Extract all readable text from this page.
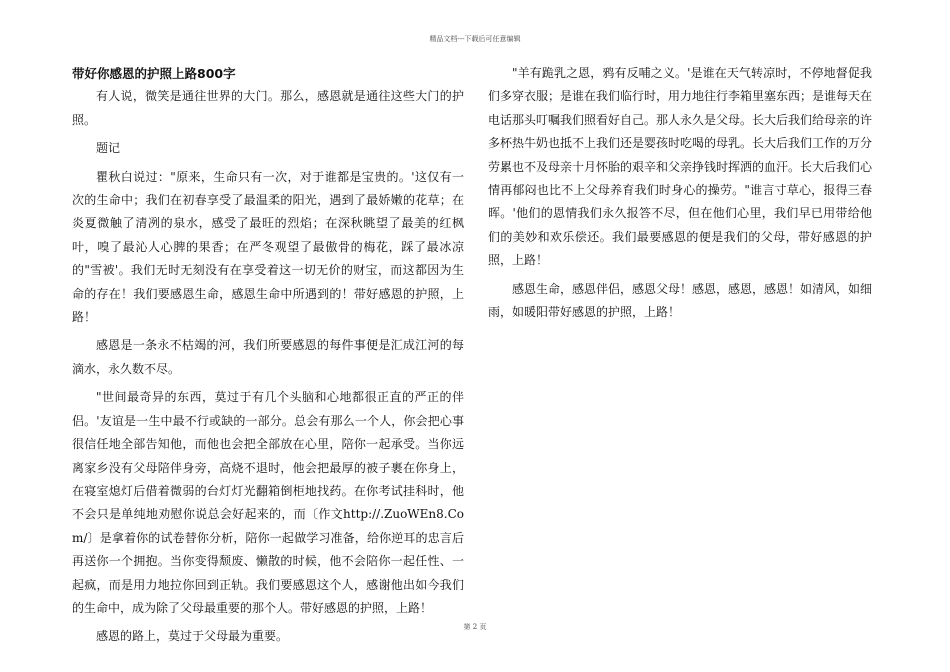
精品文档---下载后可任意编辑
带好你感恩的护照上路800字

有人说，微笑是通往世界的大门。那么，感恩就是通往这些大门的护照。

题记

瞿秋白说过："原来，生命只有一次，对于谁都是宝贵的。'这仅有一次的生命中；我们在初春享受了最温柔的阳光，遇到了最娇嫩的花草；在炎夏微触了清冽的泉水，感受了最旺的烈焰；在深秋眺望了最美的红枫叶，嗅了最沁人心脾的果香；在严冬观望了最傲骨的梅花，踩了最冰凉的"雪被'。我们无时无刻没有在享受着这一切无价的财宝，而这都因为生命的存在！我们要感恩生命，感恩生命中所遇到的！带好感恩的护照，上路！

感恩是一条永不枯竭的河，我们所要感恩的每件事便是汇成江河的每滴水，永久数不尽。

"世间最奇异的东西，莫过于有几个头脑和心地都很正直的严正的伴侣。'友谊是一生中最不行或缺的一部分。总会有那么一个人，你会把心事很信任地全部告知他，而他也会把全部放在心里，陪你一起承受。当你远离家乡没有父母陪伴身旁，高烧不退时，他会把最厚的被子裹在你身上，在寝室熄灯后借着微弱的台灯灯光翻箱倒柜地找药。在你考试挂科时，他不会只是单纯地劝慰你说总会好起来的，而〔作文http://.ZuoWEn8.Com/〕是拿着你的试卷替你分析，陪你一起做学习准备，给你逆耳的忠言后再送你一个拥抱。当你变得颓废、懒散的时候，他不会陪你一起任性、一起疯，而是用力地拉你回到正轨。我们要感恩这个人，感谢他出如今我们的生命中，成为除了父母最重要的那个人。带好感恩的护照，上路！

感恩的路上，莫过于父母最为重要。

"羊有跪乳之恩，鸦有反哺之义。'是谁在天气转凉时，不停地督促我们多穿衣服；是谁在我们临行时，用力地往行李箱里塞东西；是谁每天在电话那头叮嘱我们照看好自己。那人永久是父母。长大后我们给母亲的许多杯热牛奶也抵不上我们还是婴孩时吃喝的母乳。长大后我们工作的万分劳累也不及母亲十月怀胎的艰辛和父亲挣钱时挥洒的血汗。长大后我们心情再郁闷也比不上父母养育我们时身心的操劳。"谁言寸草心，报得三春晖。'他们的恩情我们永久报答不尽，但在他们心里，我们早已用带给他们的美妙和欢乐偿还。我们最要感恩的便是我们的父母，带好感恩的护照，上路！

感恩生命，感恩伴侣，感恩父母！感恩，感恩，感恩！如清风，如细雨，如暖阳带好感恩的护照，上路！

第 2 页
